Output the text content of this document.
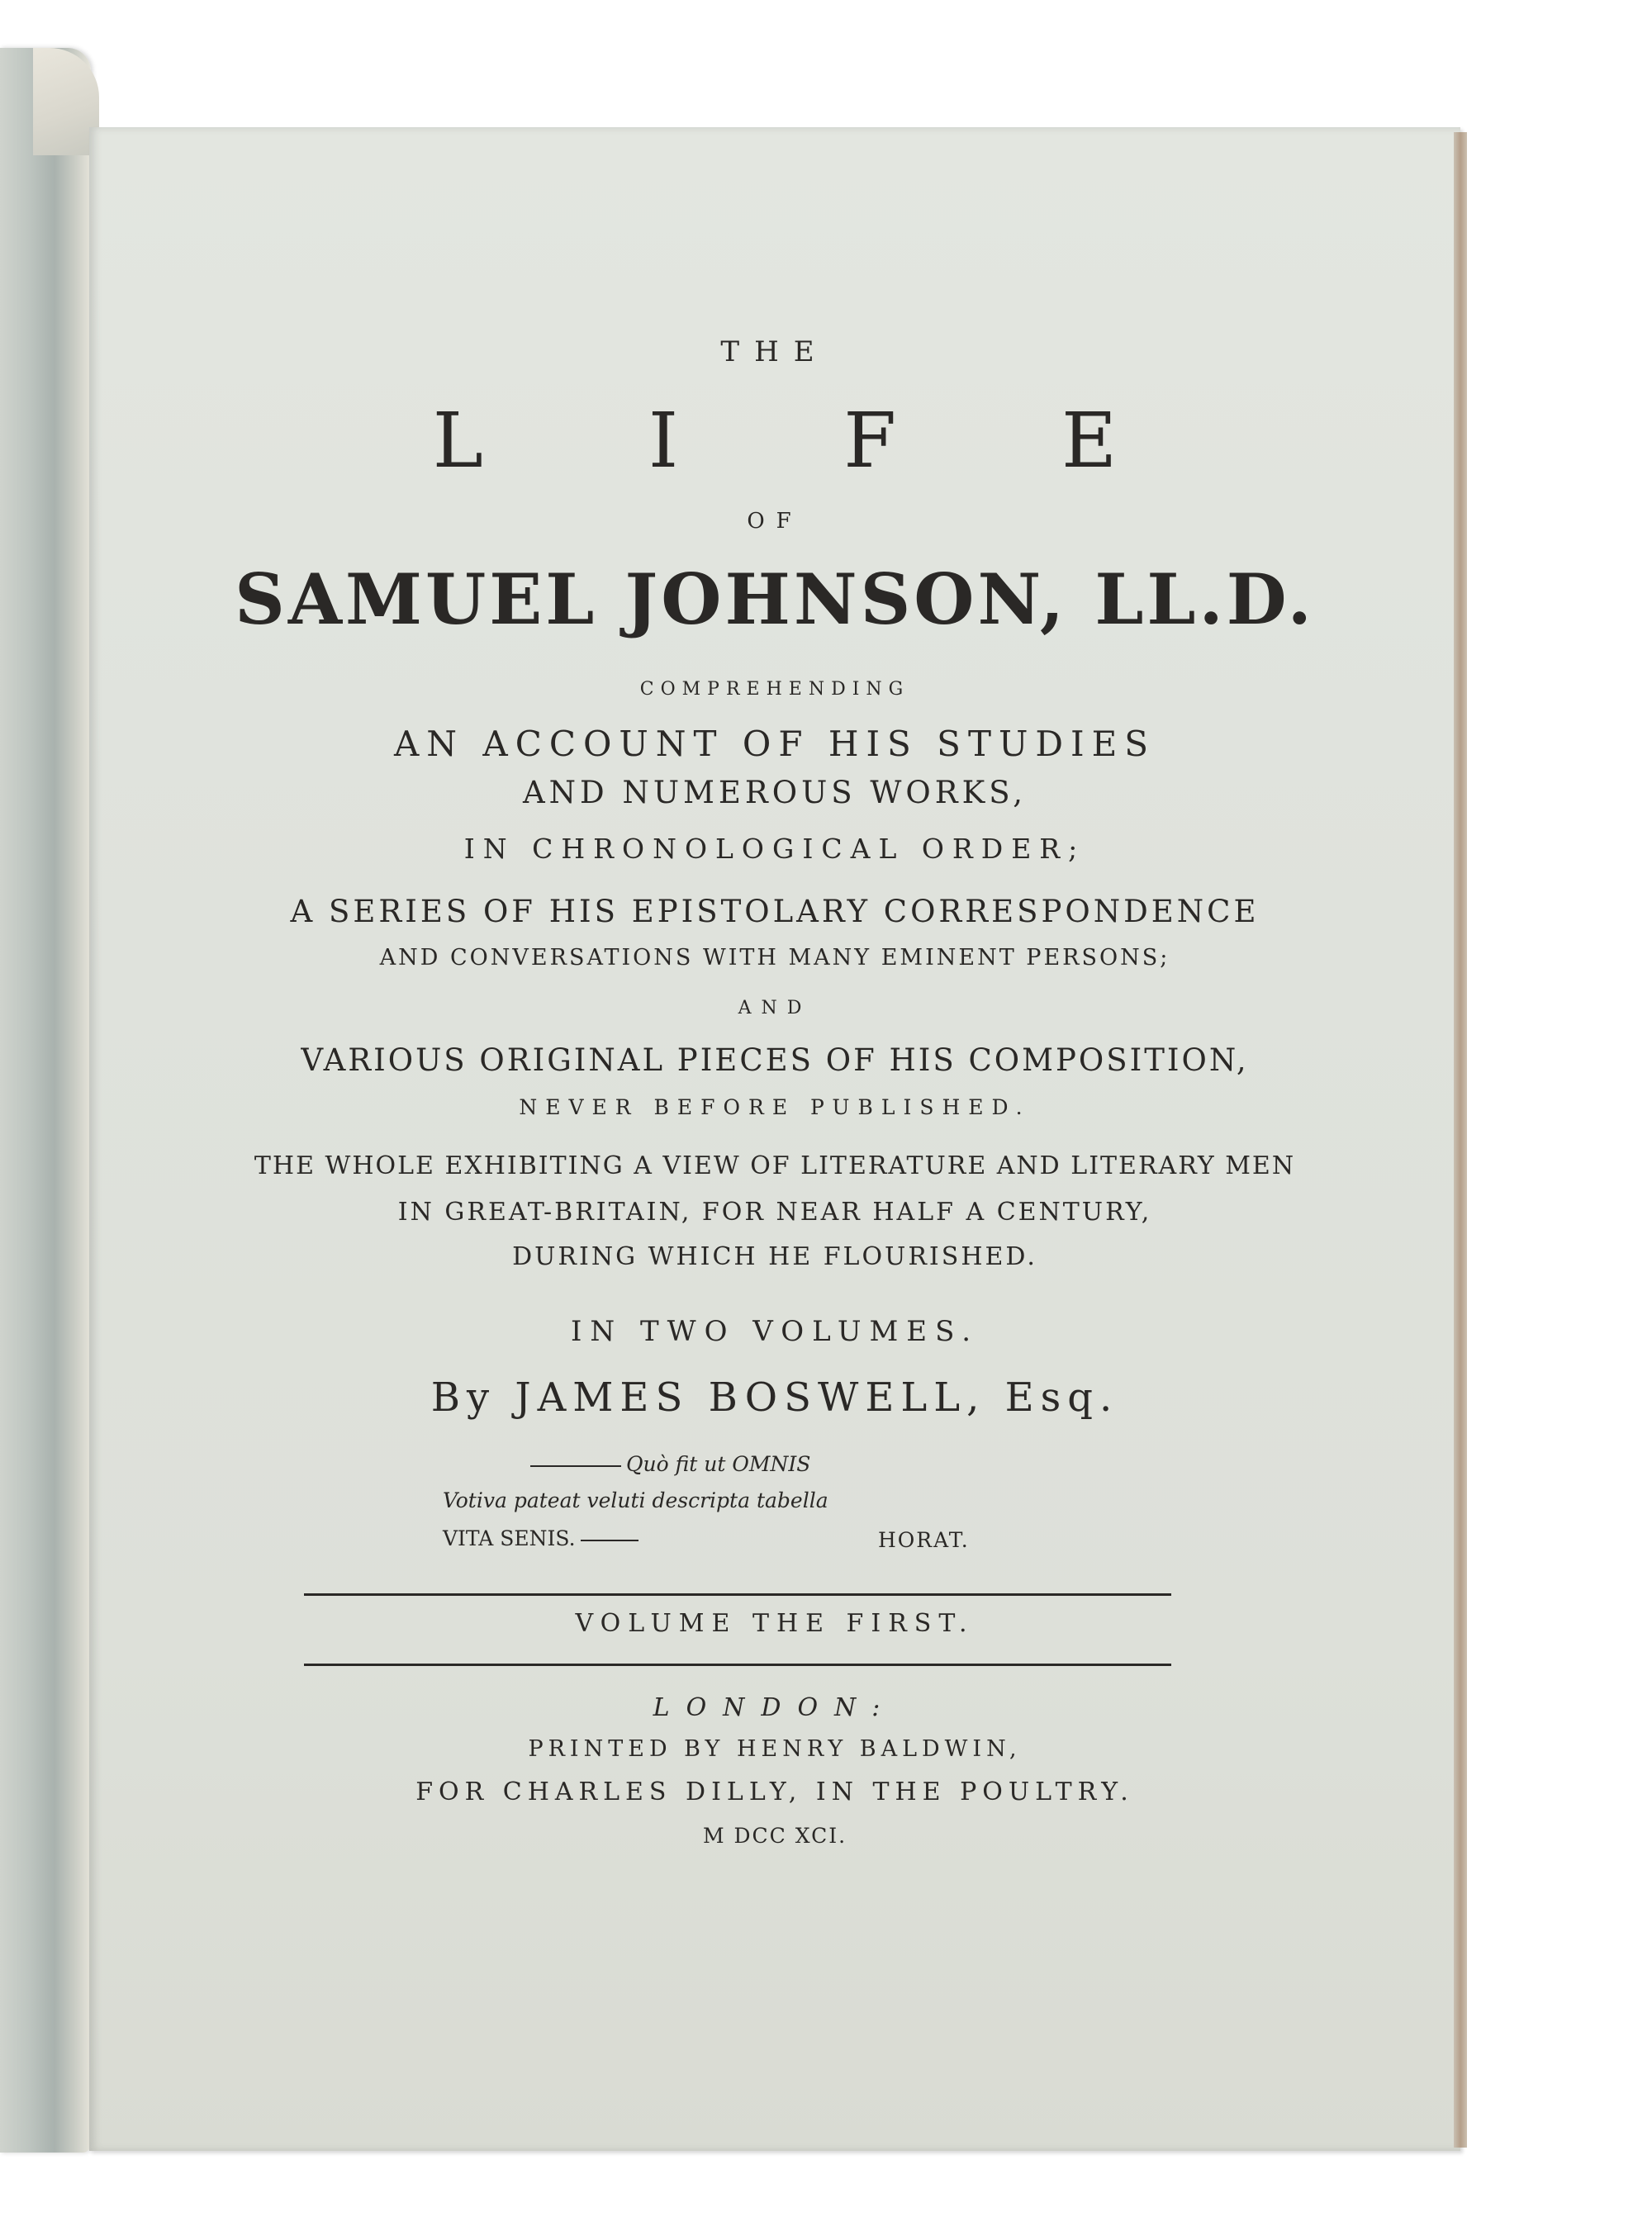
THE

LIFE

OF

SAMUEL JOHNSON, LL.D.

COMPREHENDING

AN ACCOUNT OF HIS STUDIES

AND NUMEROUS WORKS,

IN CHRONOLOGICAL ORDER;

A SERIES OF HIS EPISTOLARY CORRESPONDENCE

AND CONVERSATIONS WITH MANY EMINENT PERSONS;

AND

VARIOUS ORIGINAL PIECES OF HIS COMPOSITION,

NEVER BEFORE PUBLISHED.

THE WHOLE EXHIBITING A VIEW OF LITERATURE AND LITERARY MEN

IN GREAT-BRITAIN, FOR NEAR HALF A CENTURY,

DURING WHICH HE FLOURISHED.

IN TWO VOLUMES.

By JAMES BOSWELL, Esq.

Quò fit ut OMNIS
Votiva pateat veluti descripta tabella
VITA SENIS.	HORAT.

VOLUME THE FIRST.

LONDON:

PRINTED BY HENRY BALDWIN,

FOR CHARLES DILLY, IN THE POULTRY.

M DCC XCI.
